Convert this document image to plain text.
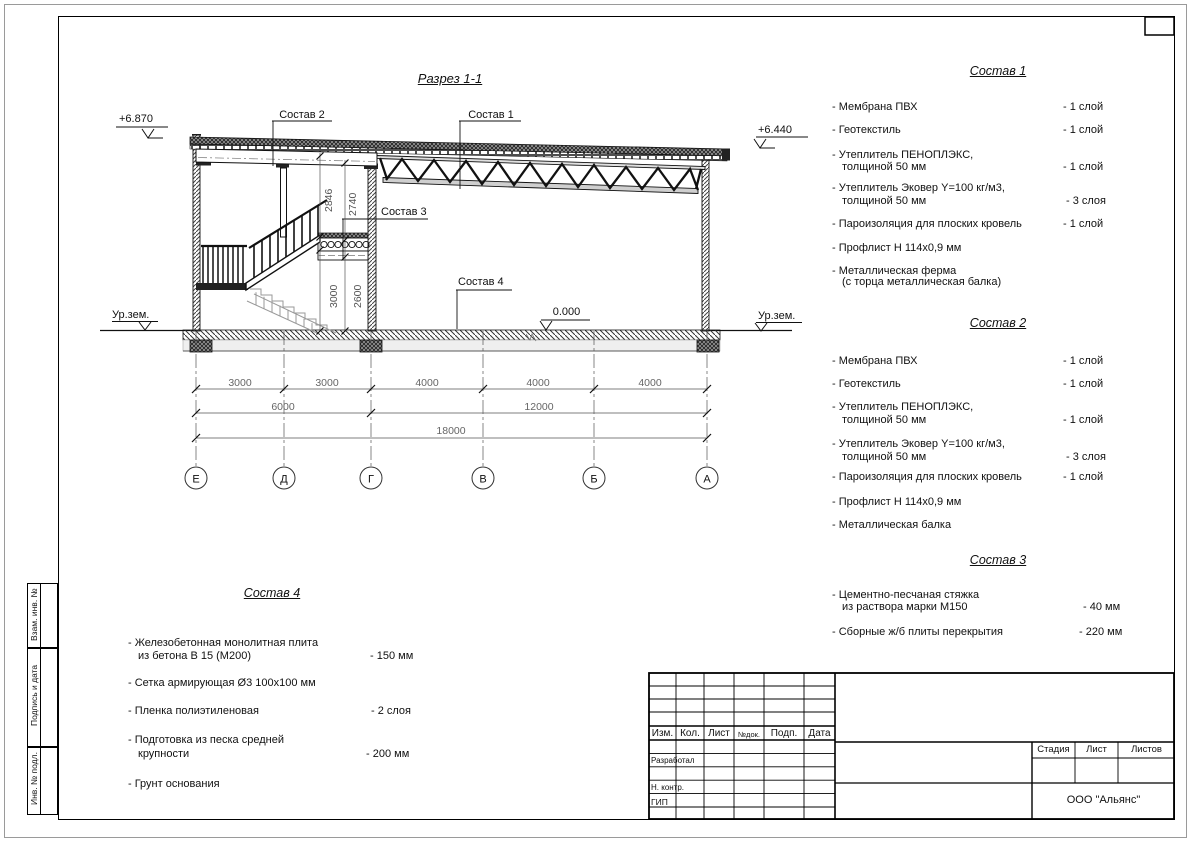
2846 2740
3000 2600
3000	3000	4000	4000	4000
6000	12000
18000
Е	Д	Г	В	Б	А
Разрез 1-1
Состав 2	Состав 1
Состав 3
Состав 4
+6.870
+6.440
Ур.зем.	Ур.зем.
0.000
Состав 1
- Мембрана ПВХ	- 1 слой
- Геотекстиль	- 1 слой
- Утеплитель ПЕНОПЛЭКС,
толщиной 50 мм	- 1 слой
- Утеплитель Эковер Y=100 кг/м3,
толщиной 50 мм	- 3 слоя
- Пароизоляция для плоских кровель	- 1 слой
- Профлист Н 114х0,9 мм
- Металлическая ферма
(с торца металлическая балка)
Состав 2
- Мембрана ПВХ	- 1 слой
- Геотекстиль	- 1 слой
- Утеплитель ПЕНОПЛЭКС,
толщиной 50 мм	- 1 слой
- Утеплитель Эковер Y=100 кг/м3,
толщиной 50 мм	- 3 слоя
- Пароизоляция для плоских кровель	- 1 слой
- Профлист Н 114х0,9 мм
- Металлическая балка
Состав 3
- Цементно-песчаная стяжка
из раствора марки М150	- 40 мм
- Сборные ж/б плиты перекрытия	- 220 мм
Состав 4
- Железобетонная монолитная плита
из бетона В 15 (М200)	- 150 мм
- Сетка армирующая Ø3 100х100 мм
- Пленка полиэтиленовая	- 2 слоя
- Подготовка из песка средней
крупности	- 200 мм
- Грунт основания
Взам. инв. №
Подпись и дата
Инв. № подл.
Изм. Кол. Лист	№док.	Подп.	Дата
Разработал
Н. контр.
ГИП
Стадия	Лист	Листов
ООО "Альянс"
